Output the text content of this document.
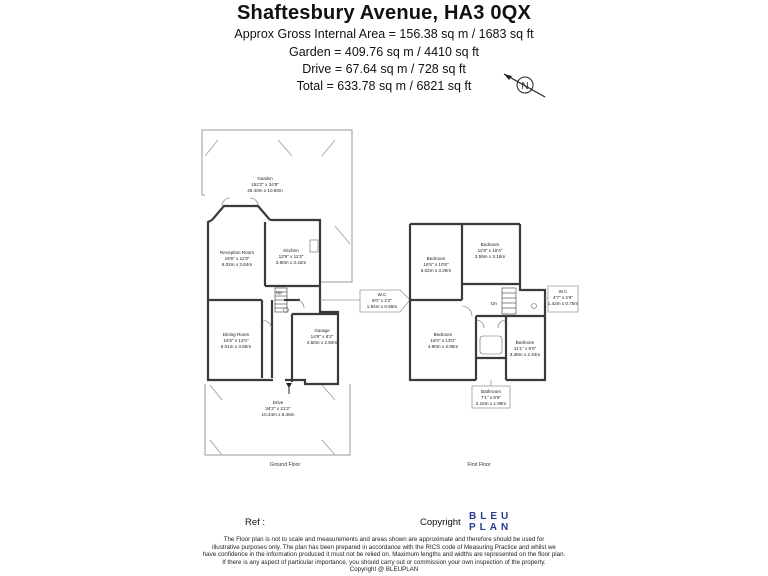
Shaftesbury Avenue, HA3 0QX
Approx Gross Internal Area = 156.38 sq m / 1683 sq ft
Garden = 409.76 sq m / 4410 sq ft
Drive = 67.64 sq m / 728 sq ft
Total = 633.78 sq m / 6821 sq ft	N
Garden
152'2" x 34'8"
46.40m x 10.60m
Reception Room
19'8" x 11'9"
6.02m x 3.64m
Kitchen
12'9" x 11'3"
3.90m x 3.42m
Dining Room
16'5" x 12'0"
5.01m x 3.65m
Garage
14'8" x 8'2"
4.50m x 2.50m
W.C
6'0" x 2'2"
1.84m x 0.66m
Drive
34'2" x 21'2"
10.44m x 6.46m
Up
Ground Floor
Bedroom
16'5" x 10'8"
5.02m x 3.29m
Bedroom
11'9" x 10'4"
3.59m x 3.16m
Bedroom
16'0" x 13'0"
4.90m x 3.95m
Bedroom
11'1" x 8'0"
3.39m x 2.44m
W.C
4'7" x 2'6"
1.42m x 0.75m
Bathroom
7'1" x 6'6"
2.16m x 1.99m
Dn
First Floor
Ref :	Copyright
BLEU
PLAN
The Floor plan is not to scale and measurements and areas shown are approximate and therefore should be used for
illustrative purposes only. The plan has been prepared in accordance with the RICS code of Measuring Practice and whilst we
have confidence in the information produced it must not be relied on. Maximum lengths and widths are represented on the floor plan.
If there is any aspect of particular importance, you should carry out or commission your own inspection of the property.
Copyright @ BLEUPLAN
